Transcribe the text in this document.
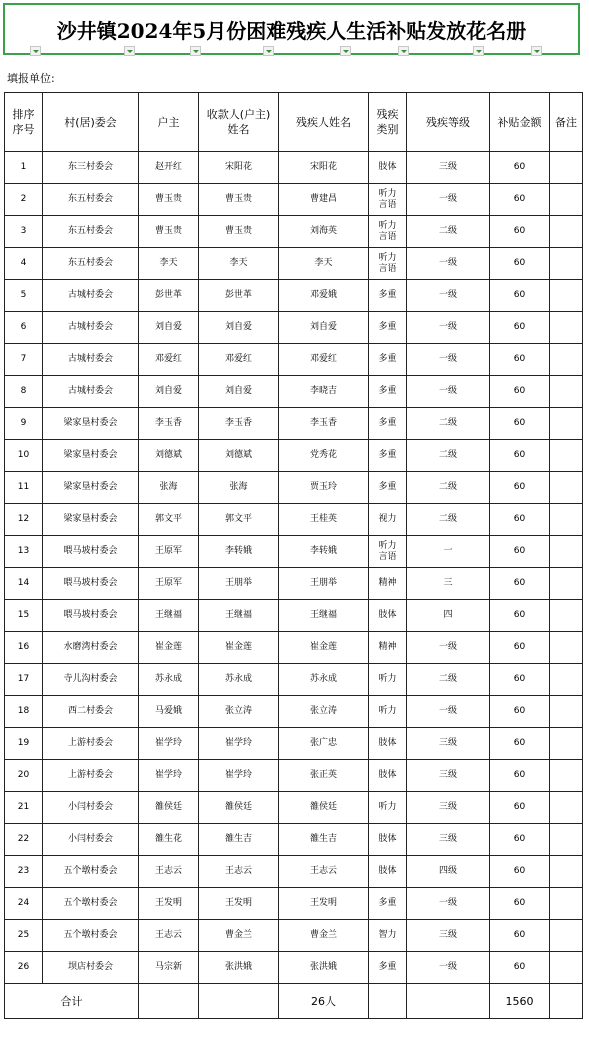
沙井镇2024年5月份困难残疾人生活补贴发放花名册
填报单位:
排序
序号	村(居)委会	户主	收款人(户主)
姓名	残疾人姓名	残疾
类别	残疾等级	补贴金额	备注
1	东三村委会	赵开红	宋阳花	宋阳花	肢体	三级	60	
2	东五村委会	曹玉贵	曹玉贵	曹建昌	听力
言语	一级	60	
3	东五村委会	曹玉贵	曹玉贵	刘海英	听力
言语	二级	60	
4	东五村委会	李天	李天	李天	听力
言语	一级	60	
5	古城村委会	彭世革	彭世革	邓爱娥	多重	一级	60	
6	古城村委会	刘自爱	刘自爱	刘自爱	多重	一级	60	
7	古城村委会	邓爱红	邓爱红	邓爱红	多重	一级	60	
8	古城村委会	刘自爱	刘自爱	李晓吉	多重	一级	60	
9	梁家垦村委会	李玉香	李玉香	李玉香	多重	二级	60	
10	梁家垦村委会	刘德斌	刘德斌	党秀花	多重	二级	60	
11	梁家垦村委会	张海	张海	贾玉玲	多重	二级	60	
12	梁家垦村委会	郭文平	郭文平	王桂英	视力	二级	60	
13	喂马坡村委会	王原军	李转娥	李转娥	听力
言语	一	60	
14	喂马坡村委会	王原军	王朋举	王朋举	精神	三	60	
15	喂马坡村委会	王继福	王继福	王继福	肢体	四	60	
16	水磨湾村委会	崔金莲	崔金莲	崔金莲	精神	一级	60	
17	寺儿沟村委会	苏永成	苏永成	苏永成	听力	二级	60	
18	西二村委会	马爱娥	张立涛	张立涛	听力	一级	60	
19	上游村委会	崔学玲	崔学玲	张广忠	肢体	三级	60	
20	上游村委会	崔学玲	崔学玲	张正英	肢体	三级	60	
21	小闫村委会	雒侯廷	雒侯廷	雒侯廷	听力	三级	60	
22	小闫村委会	雒生花	雒生吉	雒生吉	肢体	三级	60	
23	五个墩村委会	王志云	王志云	王志云	肢体	四级	60	
24	五个墩村委会	王发明	王发明	王发明	多重	一级	60	
25	五个墩村委会	王志云	曹金兰	曹金兰	智力	三级	60	
26	坝店村委会	马宗新	张洪娥	张洪娥	多重	一级	60	
合计				26人			1560	
